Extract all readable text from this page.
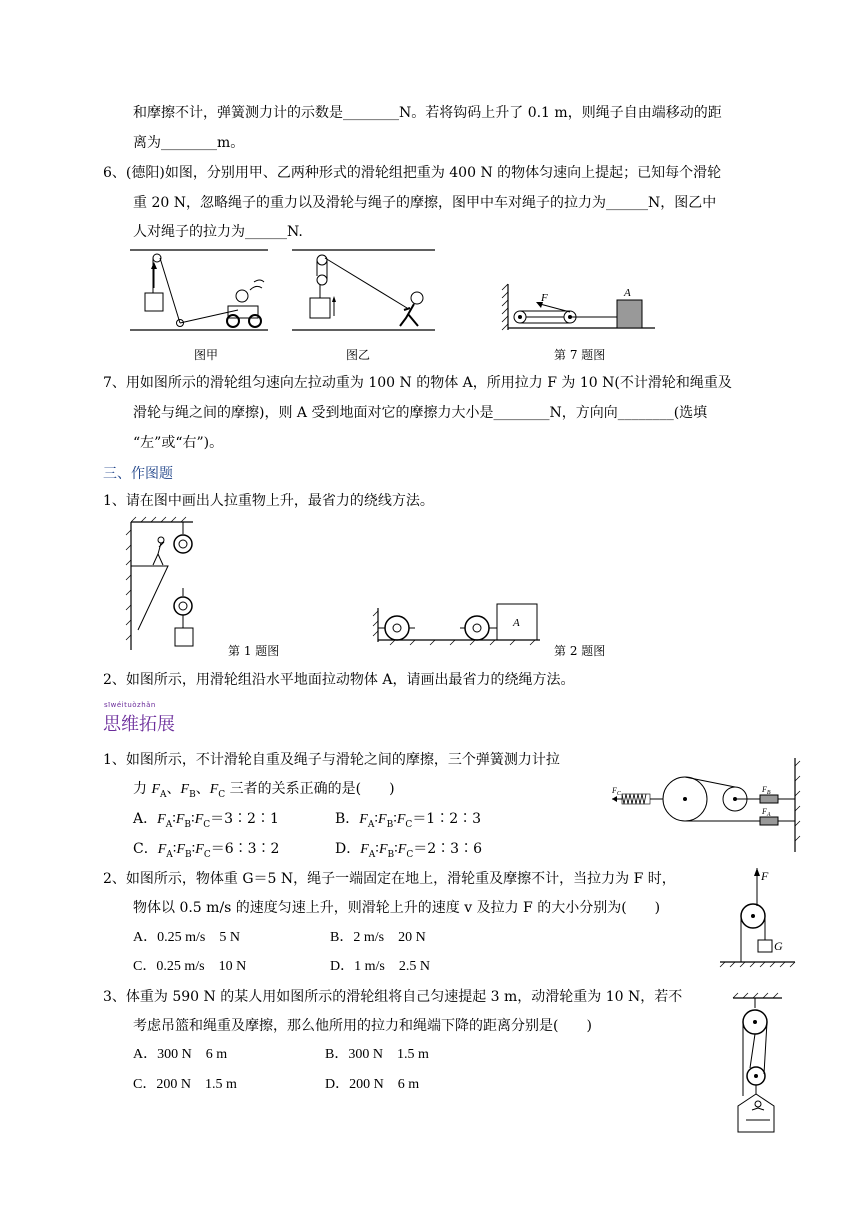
和摩擦不计，弹簧测力计的示数是________N。若将钩码上升了 0.1 m，则绳子自由端移动的距
离为________m。
6、(德阳)如图，分别用甲、乙两种形式的滑轮组把重为 400 N 的物体匀速向上提起；已知每个滑轮
重 20 N，忽略绳子的重力以及滑轮与绳子的摩擦，图甲中车对绳子的拉力为______N，图乙中
人对绳子的拉力为______N.
F	A
图甲	图乙	第 7 题图
7、用如图所示的滑轮组匀速向左拉动重为 100 N 的物体 A，所用拉力 F 为 10 N(不计滑轮和绳重及
滑轮与绳之间的摩擦)，则 A 受到地面对它的摩擦力大小是________N，方向向________(选填
“左”或“右”)。
三、作图题
1、请在图中画出人拉重物上升，最省力的绕线方法。
第 1 题图
A
第 2 题图
2、如图所示，用滑轮组沿水平地面拉动物体 A，请画出最省力的绕绳方法。
sīwéituòzhǎn
思维拓展
1、如图所示，不计滑轮自重及绳子与滑轮之间的摩擦，三个弹簧测力计拉
力 $F_A$、$F_B$、$F_C$ 三者的关系正确的是(　　)
A．$F_A∶F_B∶F_C=3∶2∶1$	B．$F_A∶F_B∶F_C=1∶2∶3$
C．$F_A∶F_B∶F_C=6∶3∶2$	D．$F_A∶F_B∶F_C=2∶3∶6$
$F_C$	$F_B$
$F_A$
2、如图所示，物体重 G＝5 N，绳子一端固定在地上，滑轮重及摩擦不计，当拉力为 F 时，
物体以 0.5 m/s 的速度匀速上升，则滑轮上升的速度 v 及拉力 F 的大小分别为(　　)
A．0.25 m/s　5 N	B．2 m/s　20 N
C．0.25 m/s　10 N	D．1 m/s　2.5 N
F
G
3、体重为 590 N 的某人用如图所示的滑轮组将自己匀速提起 3 m，动滑轮重为 10 N，若不
考虑吊篮和绳重及摩擦，那么他所用的拉力和绳端下降的距离分别是(　　)
A．300 N　6 m	B．300 N　1.5 m
C．200 N　1.5 m	D．200 N　6 m
